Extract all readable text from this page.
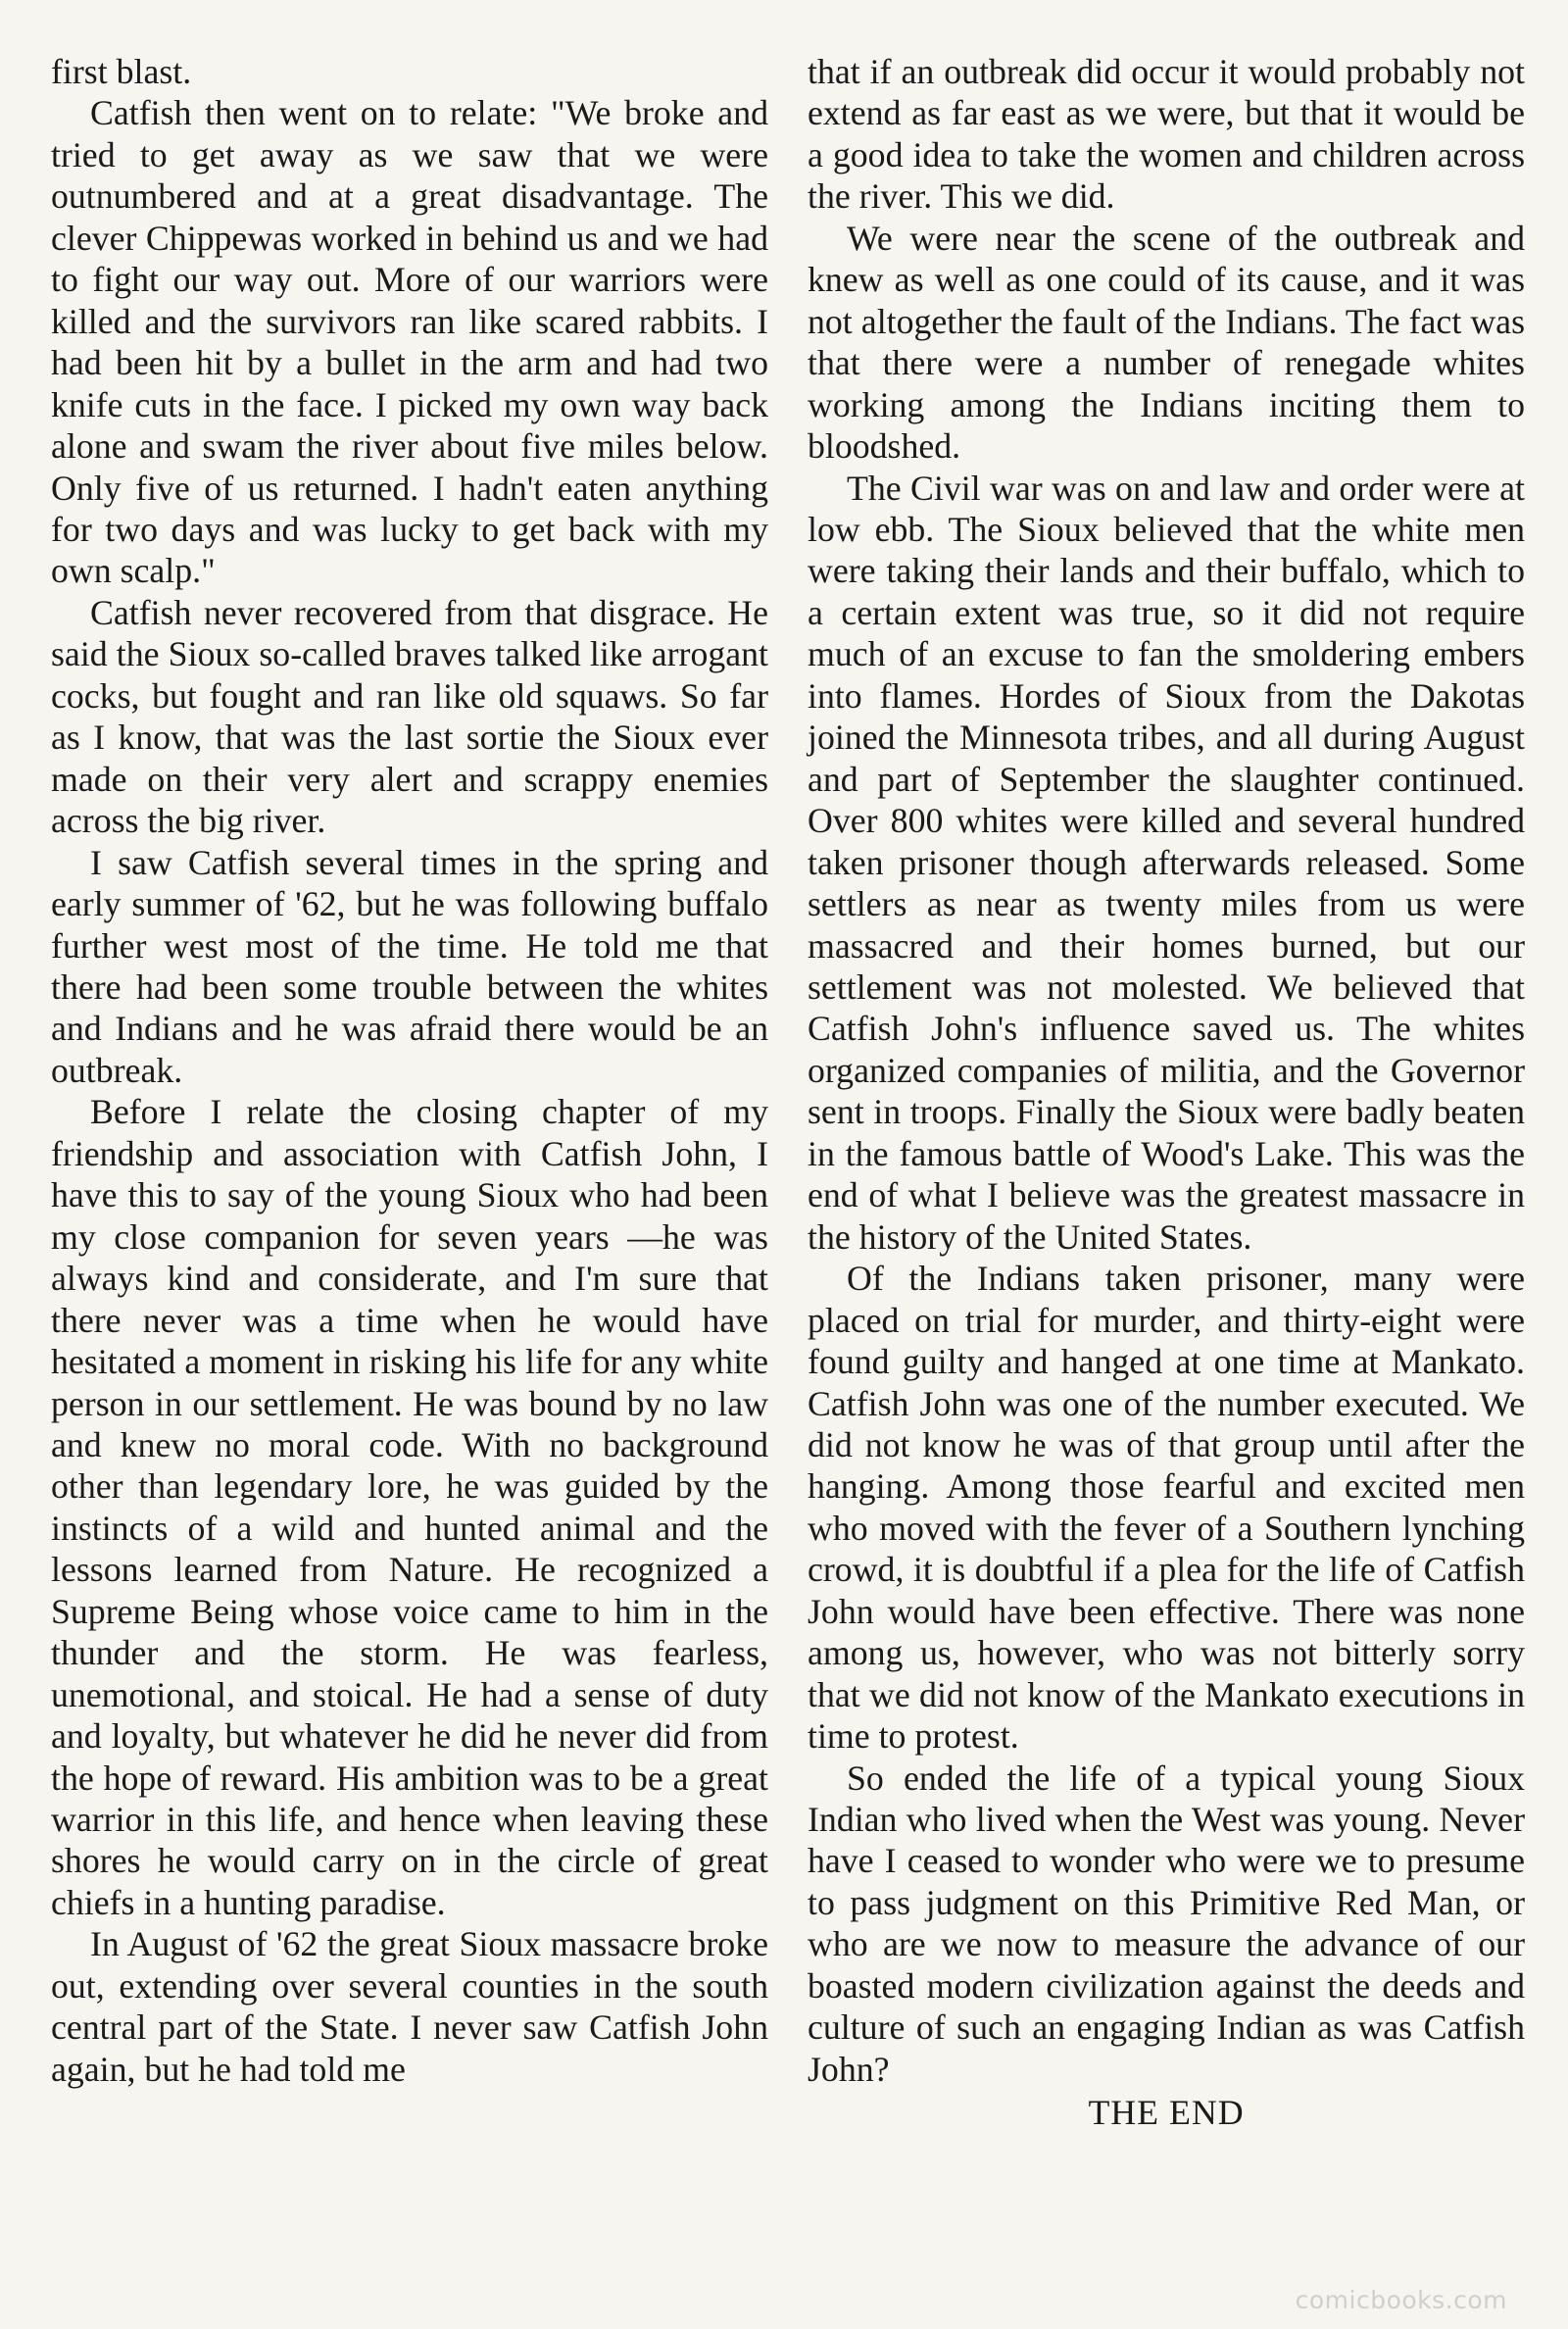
first blast.

Catfish then went on to relate: "We broke and tried to get away as we saw that we were outnumbered and at a great disadvantage. The clever Chippewas worked in behind us and we had to fight our way out. More of our warriors were killed and the survivors ran like scared rabbits. I had been hit by a bullet in the arm and had two knife cuts in the face. I picked my own way back alone and swam the river about five miles below. Only five of us returned. I hadn't eaten anything for two days and was lucky to get back with my own scalp."

Catfish never recovered from that disgrace. He said the Sioux so-called braves talked like arrogant cocks, but fought and ran like old squaws. So far as I know, that was the last sortie the Sioux ever made on their very alert and scrappy enemies across the big river.

I saw Catfish several times in the spring and early summer of '62, but he was following buffalo further west most of the time. He told me that there had been some trouble between the whites and Indians and he was afraid there would be an outbreak.

Before I relate the closing chapter of my friendship and association with Catfish John, I have this to say of the young Sioux who had been my close companion for seven years —he was always kind and considerate, and I'm sure that there never was a time when he would have hesitated a moment in risking his life for any white person in our settlement. He was bound by no law and knew no moral code. With no background other than legendary lore, he was guided by the instincts of a wild and hunted animal and the lessons learned from Nature. He recognized a Supreme Being whose voice came to him in the thunder and the storm. He was fearless, unemotional, and stoical. He had a sense of duty and loyalty, but whatever he did he never did from the hope of reward. His ambition was to be a great warrior in this life, and hence when leaving these shores he would carry on in the circle of great chiefs in a hunting paradise.

In August of '62 the great Sioux massacre broke out, extending over several counties in the south central part of the State. I never saw Catfish John again, but he had told me

that if an outbreak did occur it would probably not extend as far east as we were, but that it would be a good idea to take the women and children across the river. This we did.

We were near the scene of the outbreak and knew as well as one could of its cause, and it was not altogether the fault of the Indians. The fact was that there were a number of renegade whites working among the Indians inciting them to bloodshed.

The Civil war was on and law and order were at low ebb. The Sioux believed that the white men were taking their lands and their buffalo, which to a certain extent was true, so it did not require much of an excuse to fan the smoldering embers into flames. Hordes of Sioux from the Dakotas joined the Minnesota tribes, and all during August and part of September the slaughter continued. Over 800 whites were killed and several hundred taken prisoner though afterwards released. Some settlers as near as twenty miles from us were massacred and their homes burned, but our settlement was not molested. We believed that Catfish John's influence saved us. The whites organized companies of militia, and the Governor sent in troops. Finally the Sioux were badly beaten in the famous battle of Wood's Lake. This was the end of what I believe was the greatest massacre in the history of the United States.

Of the Indians taken prisoner, many were placed on trial for murder, and thirty-eight were found guilty and hanged at one time at Mankato. Catfish John was one of the number executed. We did not know he was of that group until after the hanging. Among those fearful and excited men who moved with the fever of a Southern lynching crowd, it is doubtful if a plea for the life of Catfish John would have been effective. There was none among us, however, who was not bitterly sorry that we did not know of the Mankato executions in time to protest.

So ended the life of a typical young Sioux Indian who lived when the West was young. Never have I ceased to wonder who were we to presume to pass judgment on this Primitive Red Man, or who are we now to measure the advance of our boasted modern civilization against the deeds and culture of such an engaging Indian as was Catfish John?

THE END

comicbooks.com
